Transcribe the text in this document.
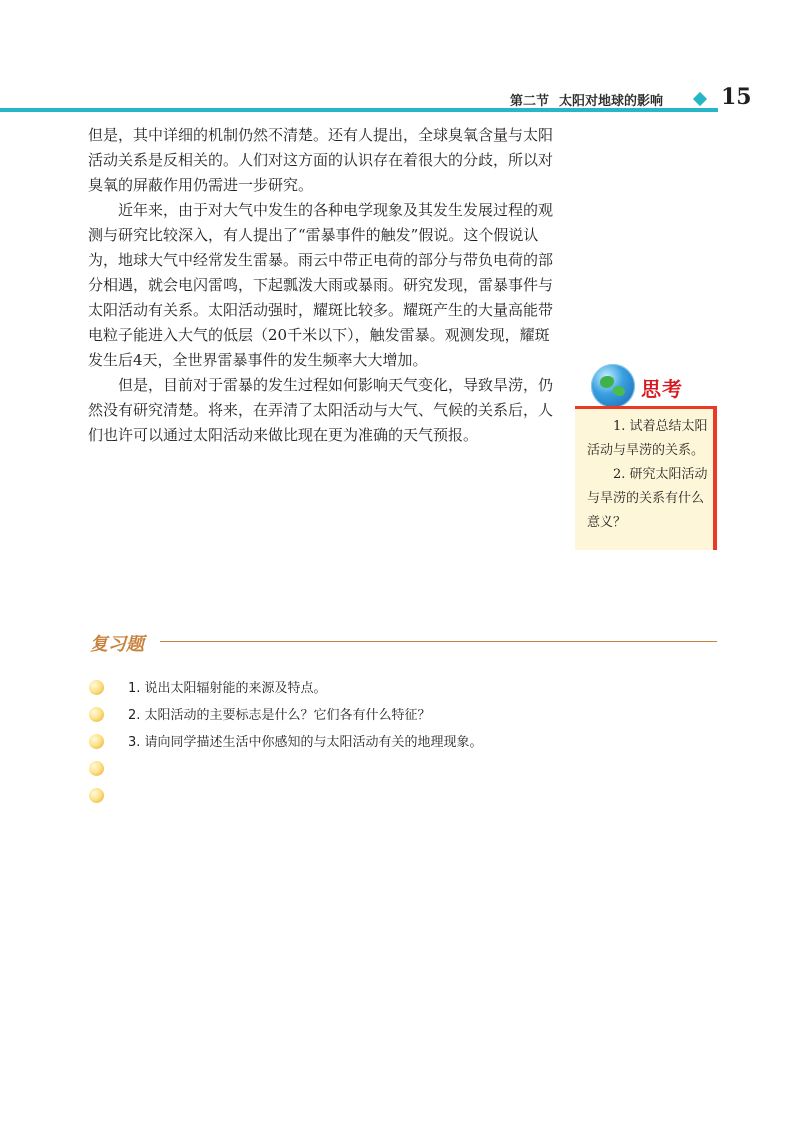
第二节 太阳对地球的影响	15

但是，其中详细的机制仍然不清楚。还有人提出，全球臭氧含量与太阳活动关系是反相关的。人们对这方面的认识存在着很大的分歧，所以对臭氧的屏蔽作用仍需进一步研究。

近年来，由于对大气中发生的各种电学现象及其发生发展过程的观测与研究比较深入，有人提出了“雷暴事件的触发”假说。这个假说认为，地球大气中经常发生雷暴。雨云中带正电荷的部分与带负电荷的部分相遇，就会电闪雷鸣，下起瓢泼大雨或暴雨。研究发现，雷暴事件与太阳活动有关系。太阳活动强时，耀斑比较多。耀斑产生的大量高能带电粒子能进入大气的低层（20千米以下），触发雷暴。观测发现，耀斑发生后4天，全世界雷暴事件的发生频率大大增加。

但是，目前对于雷暴的发生过程如何影响天气变化，导致旱涝，仍然没有研究清楚。将来，在弄清了太阳活动与大气、气候的关系后，人们也许可以通过太阳活动来做比现在更为准确的天气预报。

思考

1. 试着总结太阳活动与旱涝的关系。

2. 研究太阳活动与旱涝的关系有什么意义？

复习题
1. 说出太阳辐射能的来源及特点。
2. 太阳活动的主要标志是什么？它们各有什么特征？
3. 请向同学描述生活中你感知的与太阳活动有关的地理现象。
